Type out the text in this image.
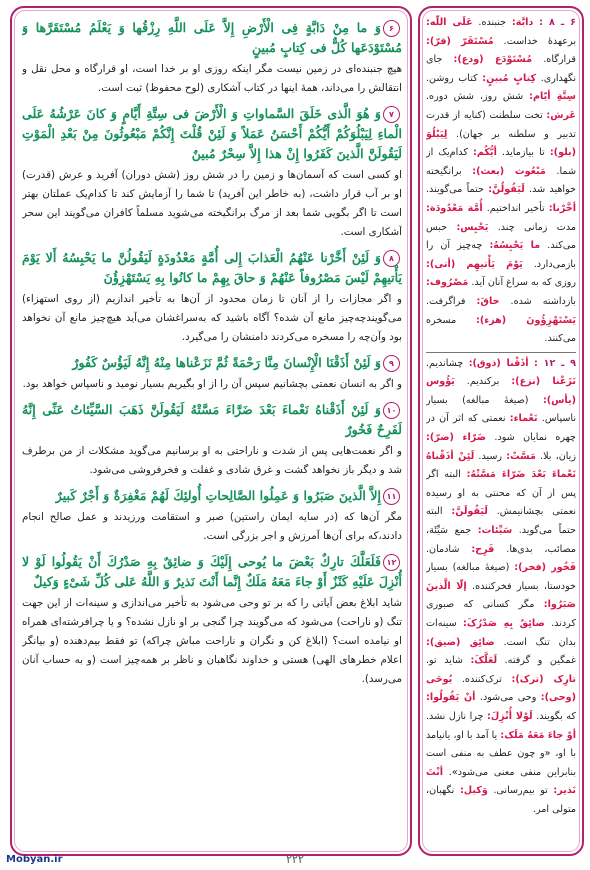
۶وَ ما مِنْ دَابَّةٍ فِی الْأَرْضِ إِلاَّ عَلَی اللَّهِ رِزْقُها وَ یَعْلَمُ مُسْتَقَرَّها وَ مُسْتَوْدَعَها كُلٌّ فی‏ كِتابٍ مُبینٍ
هیچ جنبنده‌ای در زمین نیست مگر اینکه روزی او بر خدا است، او قرارگاه و محل نقل و انتقالش را می‌داند، همهٔ اینها در کتاب آشکاری (لوح محفوظ) ثبت است.
۷وَ هُوَ الَّذی خَلَقَ السَّماواتِ وَ الْأَرْضَ فی‏ سِتَّةِ أَیَّامٍ وَ كانَ عَرْشُهُ عَلَی الْماءِ لِیَبْلُوَكُمْ أَیُّكُمْ أَحْسَنُ عَمَلاً وَ لَئِنْ قُلْتَ إِنَّكُمْ مَبْعُوثُونَ مِنْ بَعْدِ الْمَوْتِ لَیَقُولَنَّ الَّذینَ كَفَرُوا إِنْ هذا إِلاَّ سِحْرٌ مُبینٌ
او کسی است که آسمان‌ها و زمین را در شش روز (شش دوران) آفرید و عرش (قدرت) او بر آب قرار داشت، (به خاطر این آفرید) تا شما را آزمایش کند تا کدام‌یک عملتان بهتر است تا اگر بگویی شما بعد از مرگ برانگیخته می‌شوید مسلماً کافران می‌گویند این سحر آشکاری است.
۸وَ لَئِنْ أَخَّرْنا عَنْهُمُ الْعَذابَ إِلی‏ أُمَّةٍ مَعْدُودَةٍ لَیَقُولُنَّ ما یَحْبِسُهُ أَلا یَوْمَ یَأْتیهِمْ لَیْسَ مَصْرُوفاً عَنْهُمْ وَ حاقَ بِهِمْ ما كانُوا بِهِ یَسْتَهْزِؤُنَ
و اگر مجازات را از آنان تا زمان محدود از آن‌ها به تأخیر اندازیم (از روی استهزاء) می‌گویندچه‌چیز مانع آن شده؟ آگاه باشید که به‌سراغشان می‌آید هیچ‌چیز مانع آن نخواهد بود وآن‌چه را مسخره می‌کردند دامنشان را می‌گیرد.
۹وَ لَئِنْ أَذَقْنَا الْإِنْسانَ مِنَّا رَحْمَةً ثُمَّ نَزَعْناها مِنْهُ إِنَّهُ لَیَؤُسٌ كَفُورٌ
و اگر به انسان نعمتی بچشانیم سپس آن را از او بگیریم بسیار نومید و ناسپاس خواهد بود.
۱۰وَ لَئِنْ أَذَقْناهُ نَعْماءَ بَعْدَ ضَرَّاءَ مَسَّتْهُ لَیَقُولَنَّ ذَهَبَ السَّیِّئاتُ عَنِّی إِنَّهُ لَفَرِحٌ فَخُورٌ
و اگر نعمت‌هایی پس از شدت و ناراحتی به او برسانیم می‌گوید مشکلات از من برطرف شد و دیگر باز نخواهد گشت و غرق شادی و غفلت و فخرفروشی می‌شود.
۱۱إِلاَّ الَّذینَ صَبَرُوا وَ عَمِلُوا الصَّالِحاتِ أُولئِكَ لَهُمْ مَغْفِرَةٌ وَ أَجْرٌ كَبیرٌ
مگر آن‌ها که (در سایه ایمان راستین) صبر و استقامت ورزیدند و عمل صالح انجام دادند،که برای آن‌ها آمرزش و اجر بزرگی است.
۱۲فَلَعَلَّكَ تارِكٌ بَعْضَ ما یُوحی‏ إِلَیْكَ وَ ضائِقٌ بِهِ صَدْرُكَ أَنْ یَقُولُوا لَوْ لا أُنْزِلَ عَلَیْهِ كَنْزٌ أَوْ جاءَ مَعَهُ مَلَكٌ إِنَّما أَنْتَ نَذیرٌ وَ اللَّهُ عَلی‏ كُلِّ شَیْ‏ءٍ وَكیلٌ
شاید ابلاغ بعض آیاتی را که بر تو وحی می‌شود به تأخیر می‌اندازی و سینه‌ات از این جهت تنگ (و ناراحت) می‌شود که می‌گویند چرا گنجی بر او نازل نشده؟ و یا چرافرشته‌ای همراه او نیامده است؟ (ابلاغ کن و نگران و ناراحت مباش چراکه) تو فقط بیم‌دهنده (و بیانگر اعلام خطرهای الهی) هستی و خداوند نگاهبان و ناظر بر همه‌چیز است (و به حساب آنان می‌رسد).

۶ ـ ۸ : دابَّة: جنبنده. عَلَی اللّه: برعهدهٔ خداست. مُسْتَقَرّ (قرّ): قرارگاه. مُسْتَوْدَع (ودع): جای نگهداری. كِتابٍ مُبینٍ: کتاب روشن. سِتَّةِ أیّام: شش روز، شش دوره. عَرش: تخت سلطنت (کنایه از قدرت تدبیر و سلطنه بر جهان). لِیَبْلُوَ (بلو): تا بیازماید. أیُّکُم: کدام‌یک از شما. مَبْعُوث (بعث): برانگیخته خواهید شد. لَیَقُولُنَّ: حتماً می‌گویند. أخَّرْنا: تأخیر انداختیم. أُمَّة مَعْدُودَة: مدت زمانی چند. یَحْبِس: حبس می‌کند. ما یَحْبِسُهُ: چه‌چیز آن را بازمی‌دارد. یَوْمَ یَأْتیهِم (أتی): روزی که به سراغ آنان آید. مَصْرُوف: بازداشته شده. حاقَ: فراگرفت. یَسْتَهْزِؤُونَ (هزء): مسخره می‌کنند.

۹ ـ ۱۲ : أذَقْنا (ذوق): چشاندیم. نَزَعْنا (نزع): برکندیم. یَؤُوس (یأس): (صیغهٔ مبالغه) بسیار ناسپاس. نَعْماء: نعمتی که اثر آن در چهره نمایان شود. ضَرّاء (ضرّ): زیان، بلا. مَسَّتْ: رسید. لَئِنْ أذَقْناهُ نَعْماءَ بَعْدَ ضَرّاءَ مَسَّتْهُ: البته اگر پس از آن که محنتی به او رسیده نعمتی بچشانیمش. لَیَقُولَنَّ: البته حتماً می‌گوید. سَیِّئات: جمع سَیِّئَة، مصائب، بدی‌ها. فَرِح: شادمان. فَخُور (فخر): (صیغهٔ مبالغه) بسیار خودستا، بسیار فخرکننده. إلّا الَّذینَ صَبَرُوا: مگر کسانی که صبوری کردند. ضائِقٌ بِهِ صَدْرُکَ: سینه‌ات بدان تنگ است. ضائِق (ضیق): غمگین و گرفته. لَعَلَّکَ: شاید تو. تارِک (ترک): ترک‌کننده. یُوحَی (وحی): وحی می‌شود. أنْ یَقُولُوا: که بگویند. لَوْلا أُنْزِلَ: چرا نازل نشد. أوْ جاءَ مَعَهُ مَلَک: یا آمد با او، یا‌نیامد با او، «و چون عطف به منفی است بنابراین منفی معنی می‌شود». أنْتَ نَذیر: تو بیم‌رسانی. وَکیل: نگهبان، متولی امر.

Mobyan.ir	۲۲۲
